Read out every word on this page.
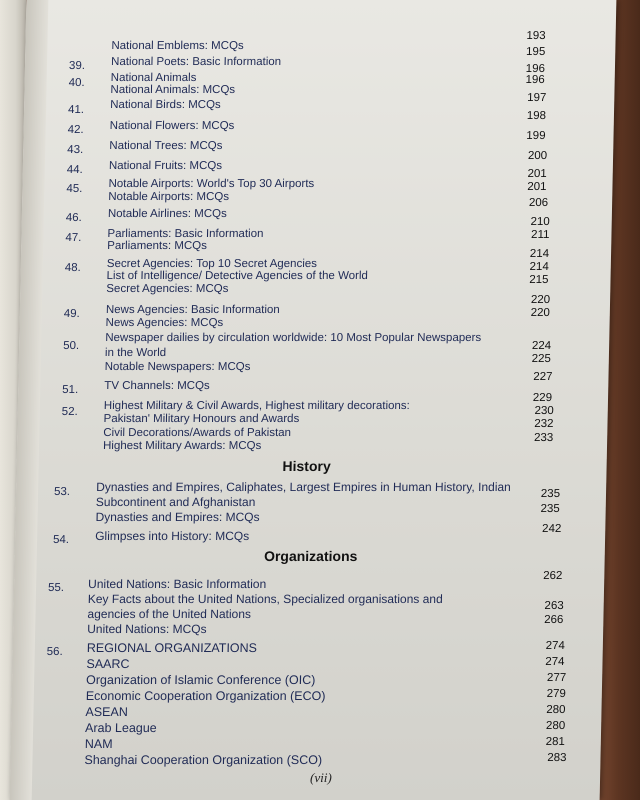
National Emblems: MCQs
193
39. National Poets: Basic Information
195
196
40. National Animals
National Animals: MCQs
196
41. National Birds: MCQs
197
42. National Flowers: MCQs
198
43. National Trees: MCQs
199
44. National Fruits: MCQs
200
45. Notable Airports: World's Top 30 Airports
Notable Airports: MCQs
201
201
46. Notable Airlines: MCQs
206
47. Parliaments: Basic Information
Parliaments: MCQs
210
211
48. Secret Agencies: Top 10 Secret Agencies
List of Intelligence/ Detective Agencies of the World
Secret Agencies: MCQs
214
214
215
49. News Agencies: Basic Information
News Agencies: MCQs
220
220
50.
Newspaper dailies by circulation worldwide: 10 Most Popular Newspapers
in the World
Notable Newspapers: MCQs
224
225
51. TV Channels: MCQs
227
52. Highest Military & Civil Awards, Highest military decorations:
Pakistan' Military Honours and Awards
Civil Decorations/Awards of Pakistan
Highest Military Awards: MCQs
229
230
232
233
History
53. Dynasties and Empires, Caliphates, Largest Empires in Human History, Indian
Subcontinent and Afghanistan
Dynasties and Empires: MCQs
235
235
54. Glimpses into History: MCQs	242
Organizations
55. United Nations: Basic Information
Key Facts about the United Nations, Specialized organisations and
agencies of the United Nations
United Nations: MCQs
262
263
266
56. REGIONAL ORGANIZATIONS
SAARC
Organization of Islamic Conference (OIC)
Economic Cooperation Organization (ECO)
ASEAN
Arab League
NAM
Shanghai Cooperation Organization (SCO)
274
274
277
279
280
280
281
283
(vii)
